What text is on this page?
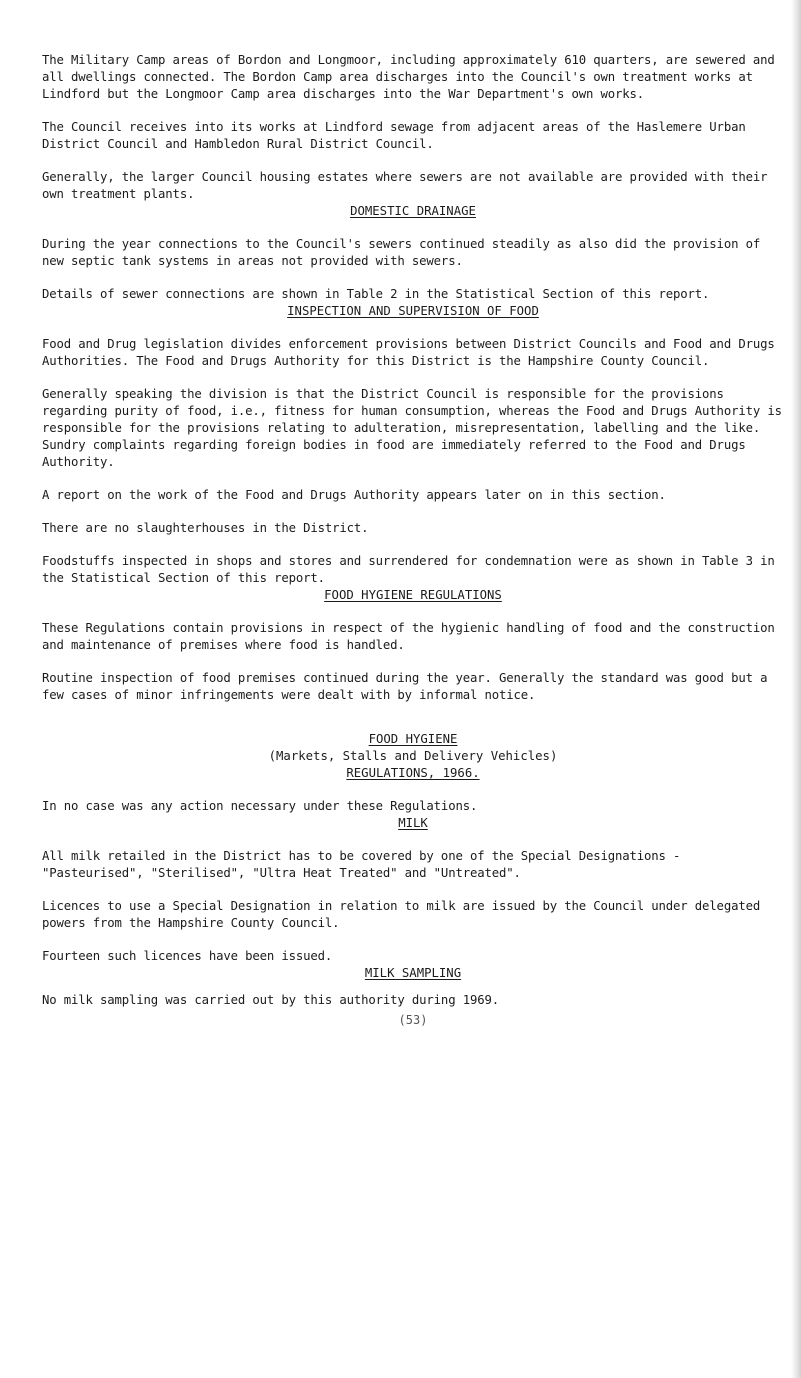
The Military Camp areas of Bordon and Longmoor, including approximately 610 quarters, are sewered and all dwellings connected. The Bordon Camp area discharges into the Council's own treatment works at Lindford but the Longmoor Camp area discharges into the War Department's own works.

The Council receives into its works at Lindford sewage from adjacent areas of the Haslemere Urban District Council and Hambledon Rural District Council.

Generally, the larger Council housing estates where sewers are not available are provided with their own treatment plants.

DOMESTIC DRAINAGE

During the year connections to the Council's sewers continued steadily as also did the provision of new septic tank systems in areas not provided with sewers.

Details of sewer connections are shown in Table 2 in the Statistical Section of this report.

INSPECTION AND SUPERVISION OF FOOD

Food and Drug legislation divides enforcement provisions between District Councils and Food and Drugs Authorities. The Food and Drugs Authority for this District is the Hampshire County Council.

Generally speaking the division is that the District Council is responsible for the provisions regarding purity of food, i.e., fitness for human consumption, whereas the Food and Drugs Authority is responsible for the provisions relating to adulteration, misrepresentation, labelling and the like. Sundry complaints regarding foreign bodies in food are immediately referred to the Food and Drugs Authority.

A report on the work of the Food and Drugs Authority appears later on in this section.

There are no slaughterhouses in the District.

Foodstuffs inspected in shops and stores and surrendered for condemnation were as shown in Table 3 in the Statistical Section of this report.

FOOD HYGIENE REGULATIONS

These Regulations contain provisions in respect of the hygienic handling of food and the construction and maintenance of premises where food is handled.

Routine inspection of food premises continued during the year. Generally the standard was good but a few cases of minor infringements were dealt with by informal notice.

FOOD HYGIENE

(Markets, Stalls and Delivery Vehicles)

REGULATIONS, 1966.

In no case was any action necessary under these Regulations.

MILK

All milk retailed in the District has to be covered by one of the Special Designations - "Pasteurised", "Sterilised", "Ultra Heat Treated" and "Untreated".

Licences to use a Special Designation in relation to milk are issued by the Council under delegated powers from the Hampshire County Council.

Fourteen such licences have been issued.

MILK SAMPLING

No milk sampling was carried out by this authority during 1969.

(53)
